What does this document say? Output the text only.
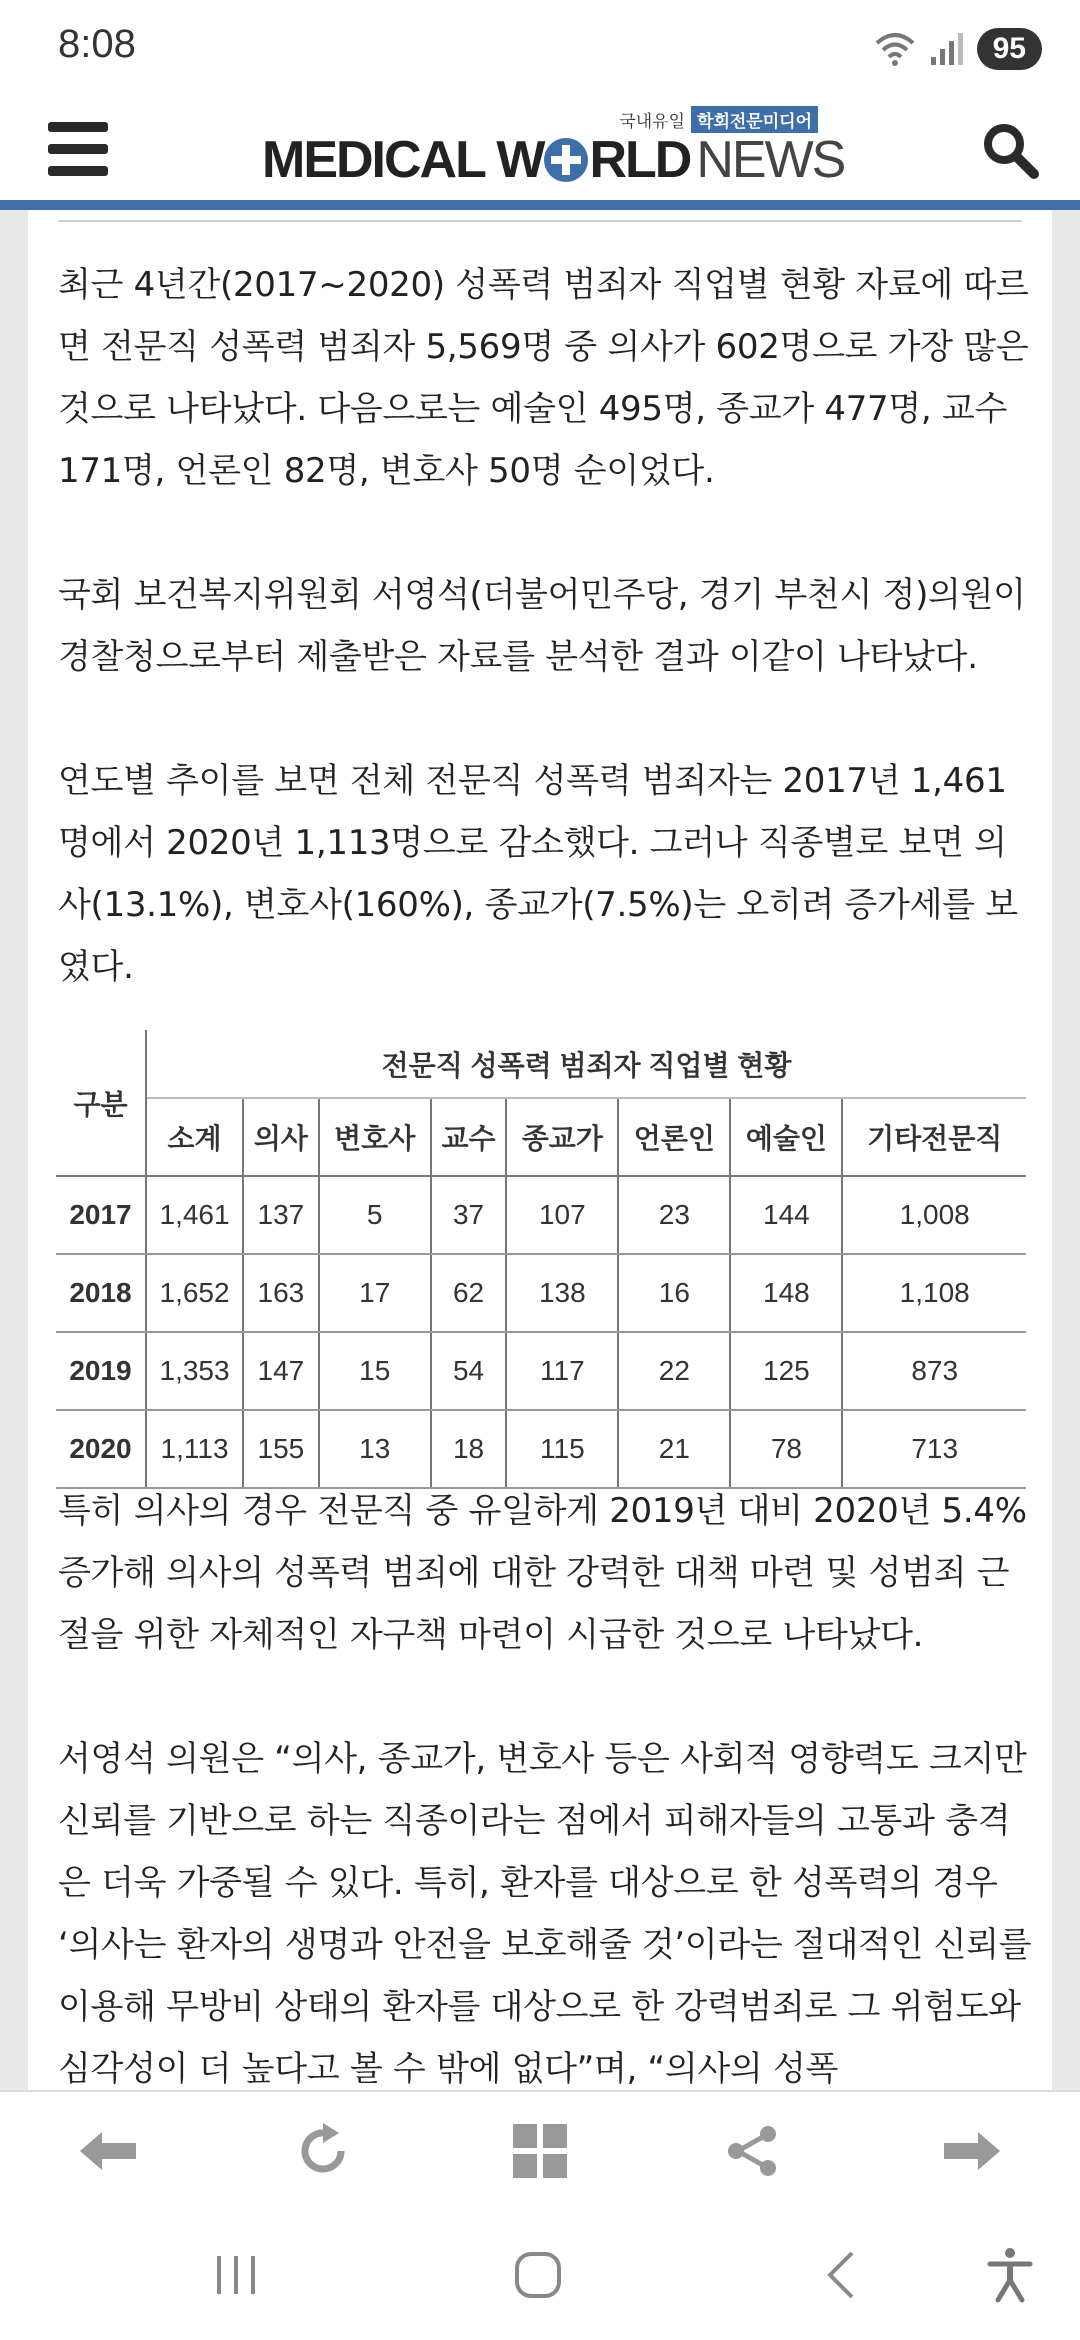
8:08	95
국내유일 학회전문미디어
MEDICAL W RLD NEWS

최근 4년간(2017~2020) 성폭력 범죄자 직업별 현황 자료에 따르면 전문직 성폭력 범죄자 5,569명 중 의사가 602명으로 가장 많은 것으로 나타났다. 다음으로는 예술인 495명, 종교가 477명, 교수 171명, 언론인 82명, 변호사 50명 순이었다.

국회 보건복지위원회 서영석(더불어민주당, 경기 부천시 정)의원이 경찰청으로부터 제출받은 자료를 분석한 결과 이같이 나타났다.

연도별 추이를 보면 전체 전문직 성폭력 범죄자는 2017년 1,461명에서 2020년 1,113명으로 감소했다. 그러나 직종별로 보면 의사(13.1%), 변호사(160%), 종교가(7.5%)는 오히려 증가세를 보였다.

구분	전문직 성폭력 범죄자 직업별 현황							
	소계	의사	변호사	교수	종교가	언론인	예술인	기타전문직
2017	1,461	137	5	37	107	23	144	1,008
2018	1,652	163	17	62	138	16	148	1,108
2019	1,353	147	15	54	117	22	125	873
2020	1,113	155	13	18	115	21	78	713

특히 의사의 경우 전문직 중 유일하게 2019년 대비 2020년 5.4% 증가해 의사의 성폭력 범죄에 대한 강력한 대책 마련 및 성범죄 근절을 위한 자체적인 자구책 마련이 시급한 것으로 나타났다.

서영석 의원은 “의사, 종교가, 변호사 등은 사회적 영향력도 크지만 신뢰를 기반으로 하는 직종이라는 점에서 피해자들의 고통과 충격은 더욱 가중될 수 있다. 특히, 환자를 대상으로 한 성폭력의 경우 ‘의사는 환자의 생명과 안전을 보호해줄 것’이라는 절대적인 신뢰를 이용해 무방비 상태의 환자를 대상으로 한 강력범죄로 그 위험도와 심각성이 더 높다고 볼 수 밖에 없다”며, “의사의 성폭
